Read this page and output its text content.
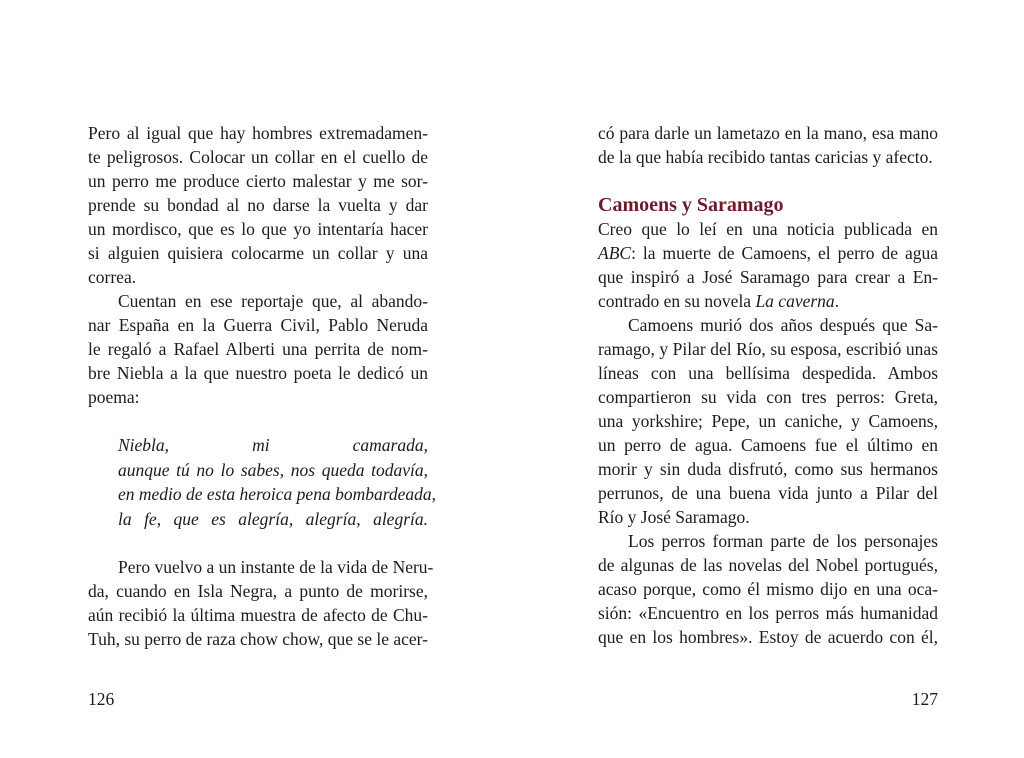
Pero al igual que hay hombres extremadamen-

te peligrosos. Colocar un collar en el cuello de

un perro me produce cierto malestar y me sor-

prende su bondad al no darse la vuelta y dar

un mordisco, que es lo que yo intentaría hacer

si alguien quisiera colocarme un collar y una

correa.

Cuentan en ese reportaje que, al abando-

nar España en la Guerra Civil, Pablo Neruda

le regaló a Rafael Alberti una perrita de nom-

bre Niebla a la que nuestro poeta le dedicó un

poema:

Niebla, mi camarada,

aunque tú no lo sabes, nos queda todavía,

en medio de esta heroica pena bombardeada,

la fe, que es alegría, alegría, alegría.

Pero vuelvo a un instante de la vida de Neru-

da, cuando en Isla Negra, a punto de morirse,

aún recibió la última muestra de afecto de Chu-

Tuh, su perro de raza chow chow, que se le acer-

có para darle un lametazo en la mano, esa mano

de la que había recibido tantas caricias y afecto.

Camoens y Saramago

Creo que lo leí en una noticia publicada en

ABC: la muerte de Camoens, el perro de agua

que inspiró a José Saramago para crear a En-

contrado en su novela La caverna.

Camoens murió dos años después que Sa-

ramago, y Pilar del Río, su esposa, escribió unas

líneas con una bellísima despedida. Ambos

compartieron su vida con tres perros: Greta,

una yorkshire; Pepe, un caniche, y Camoens,

un perro de agua. Camoens fue el último en

morir y sin duda disfrutó, como sus hermanos

perrunos, de una buena vida junto a Pilar del

Río y José Saramago.

Los perros forman parte de los personajes

de algunas de las novelas del Nobel portugués,

acaso porque, como él mismo dijo en una oca-

sión: «Encuentro en los perros más humanidad

que en los hombres». Estoy de acuerdo con él,

126	127
